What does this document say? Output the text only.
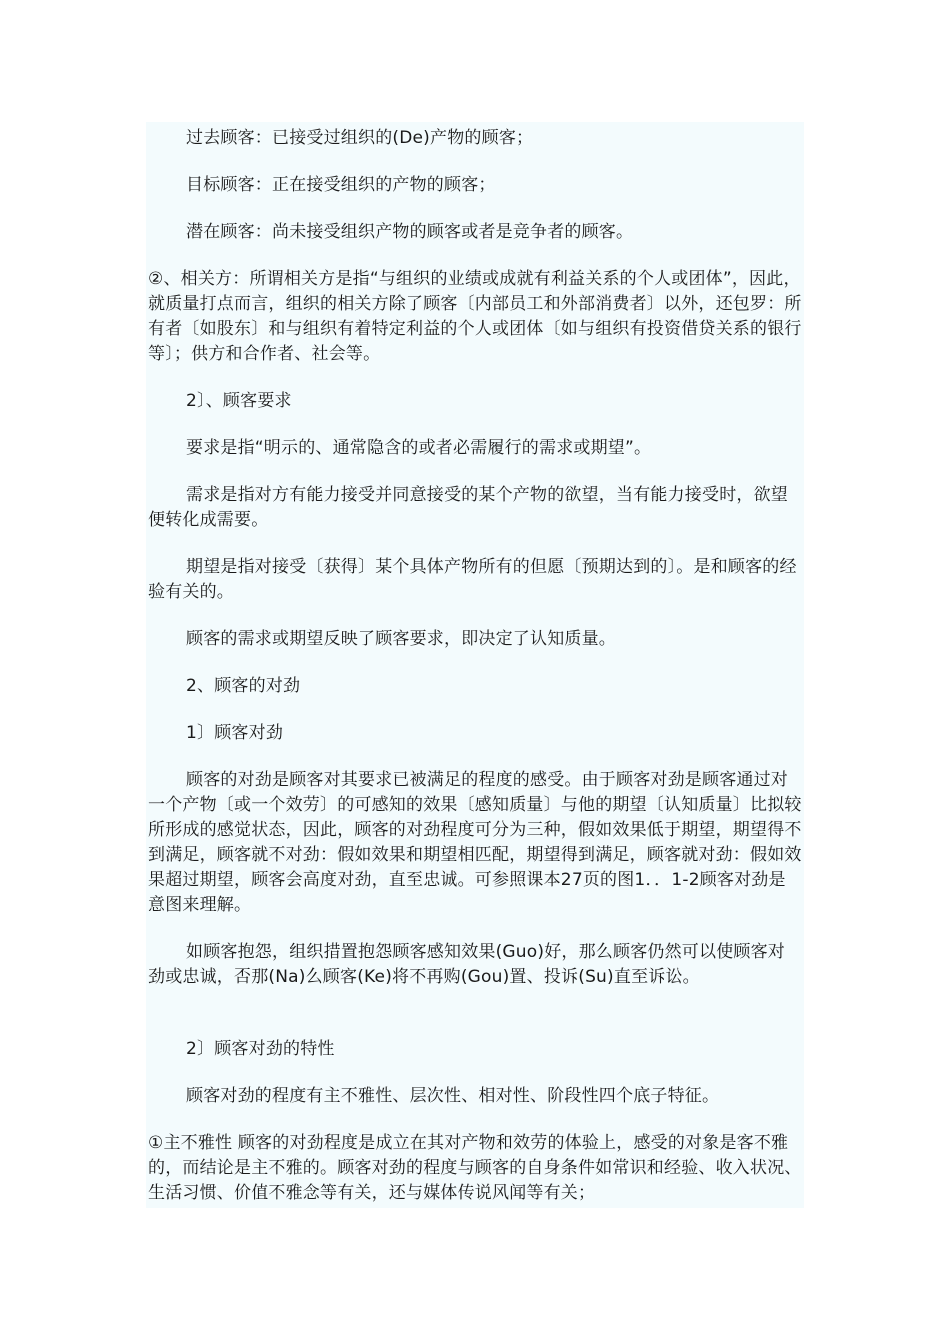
过去顾客：已接受过组织的(De)产物的顾客；

目标顾客：正在接受组织的产物的顾客；

潜在顾客：尚未接受组织产物的顾客或者是竞争者的顾客。

②、相关方：所谓相关方是指“与组织的业绩或成就有利益关系的个人或团体”，因此，就质量打点而言，组织的相关方除了顾客〔内部员工和外部消费者〕以外，还包罗：所有者〔如股东〕和与组织有着特定利益的个人或团体〔如与组织有投资借贷关系的银行等〕；供方和合作者、社会等。

2〕、顾客要求

要求是指“明示的、通常隐含的或者必需履行的需求或期望”。

需求是指对方有能力接受并同意接受的某个产物的欲望，当有能力接受时，欲望便转化成需要。

期望是指对接受〔获得〕某个具体产物所有的但愿〔预期达到的〕。是和顾客的经验有关的。

顾客的需求或期望反映了顾客要求，即决定了认知质量。

2、顾客的对劲

1〕顾客对劲

顾客的对劲是顾客对其要求已被满足的程度的感受。由于顾客对劲是顾客通过对一个产物〔或一个效劳〕的可感知的效果〔感知质量〕与他的期望〔认知质量〕比拟较所形成的感觉状态，因此，顾客的对劲程度可分为三种，假如效果低于期望，期望得不到满足，顾客就不对劲：假如效果和期望相匹配，期望得到满足，顾客就对劲：假如效果超过期望，顾客会高度对劲，直至忠诚。可参照课本27页的图1．．1-2顾客对劲是意图来理解。

如顾客抱怨，组织措置抱怨顾客感知效果(Guo)好，那么顾客仍然可以使顾客对劲或忠诚，否那(Na)么顾客(Ke)将不再购(Gou)置、投诉(Su)直至诉讼。

2〕顾客对劲的特性

顾客对劲的程度有主不雅性、层次性、相对性、阶段性四个底子特征。

①主不雅性 顾客的对劲程度是成立在其对产物和效劳的体验上，感受的对象是客不雅的，而结论是主不雅的。顾客对劲的程度与顾客的自身条件如常识和经验、收入状况、生活习惯、价值不雅念等有关，还与媒体传说风闻等有关；
